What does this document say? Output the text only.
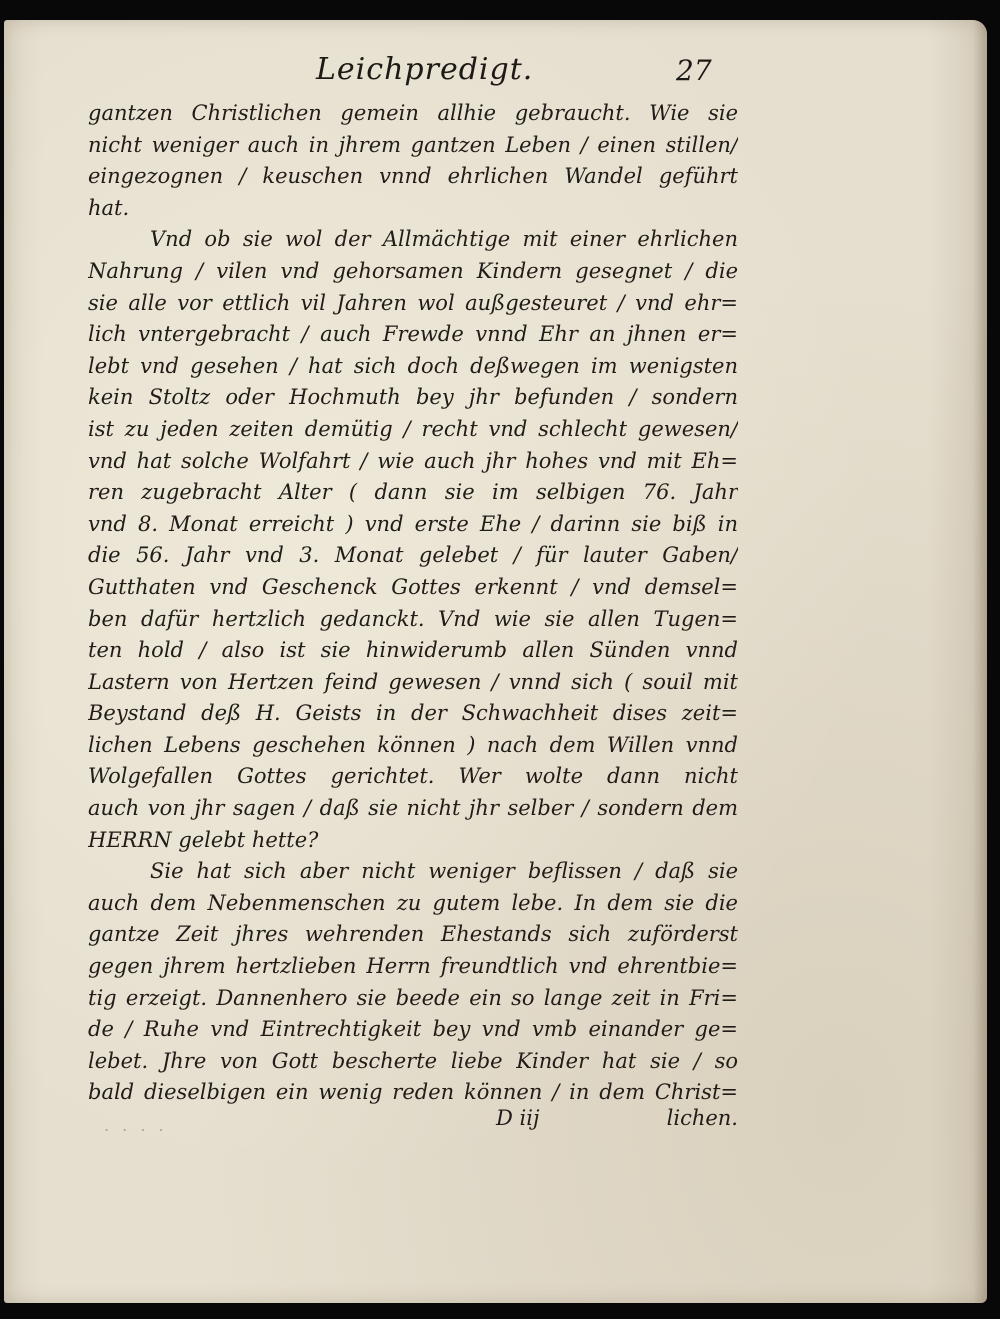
Leichpredigt.	27
gantzen Christlichen gemein allhie gebraucht. Wie sie
nicht weniger auch in jhrem gantzen Leben / einen stillen/
eingezognen / keuschen vnnd ehrlichen Wandel geführt
hat.
Vnd ob sie wol der Allmächtige mit einer ehrlichen
Nahrung / vilen vnd gehorsamen Kindern gesegnet / die
sie alle vor ettlich vil Jahren wol außgesteuret / vnd ehr=
lich vntergebracht / auch Frewde vnnd Ehr an jhnen er=
lebt vnd gesehen / hat sich doch deßwegen im wenigsten
kein Stoltz oder Hochmuth bey jhr befunden / sondern
ist zu jeden zeiten demütig / recht vnd schlecht gewesen/
vnd hat solche Wolfahrt / wie auch jhr hohes vnd mit Eh=
ren zugebracht Alter ( dann sie im selbigen 76. Jahr
vnd 8. Monat erreicht ) vnd erste Ehe / darinn sie biß in
die 56. Jahr vnd 3. Monat gelebet / für lauter Gaben/
Gutthaten vnd Geschenck Gottes erkennt / vnd demsel=
ben dafür hertzlich gedanckt. Vnd wie sie allen Tugen=
ten hold / also ist sie hinwiderumb allen Sünden vnnd
Lastern von Hertzen feind gewesen / vnnd sich ( souil mit
Beystand deß H. Geists in der Schwachheit dises zeit=
lichen Lebens geschehen können ) nach dem Willen vnnd
Wolgefallen Gottes gerichtet. Wer wolte dann nicht
auch von jhr sagen / daß sie nicht jhr selber / sondern dem
HERRN gelebt hette?
Sie hat sich aber nicht weniger beflissen / daß sie
auch dem Nebenmenschen zu gutem lebe. In dem sie die
gantze Zeit jhres wehrenden Ehestands sich zuförderst
gegen jhrem hertzlieben Herrn freundtlich vnd ehrentbie=
tig erzeigt. Dannenhero sie beede ein so lange zeit in Fri=
de / Ruhe vnd Eintrechtigkeit bey vnd vmb einander ge=
lebet. Jhre von Gott bescherte liebe Kinder hat sie / so
bald dieselbigen ein wenig reden können / in dem Christ=
. . . .	D iij	lichen.
